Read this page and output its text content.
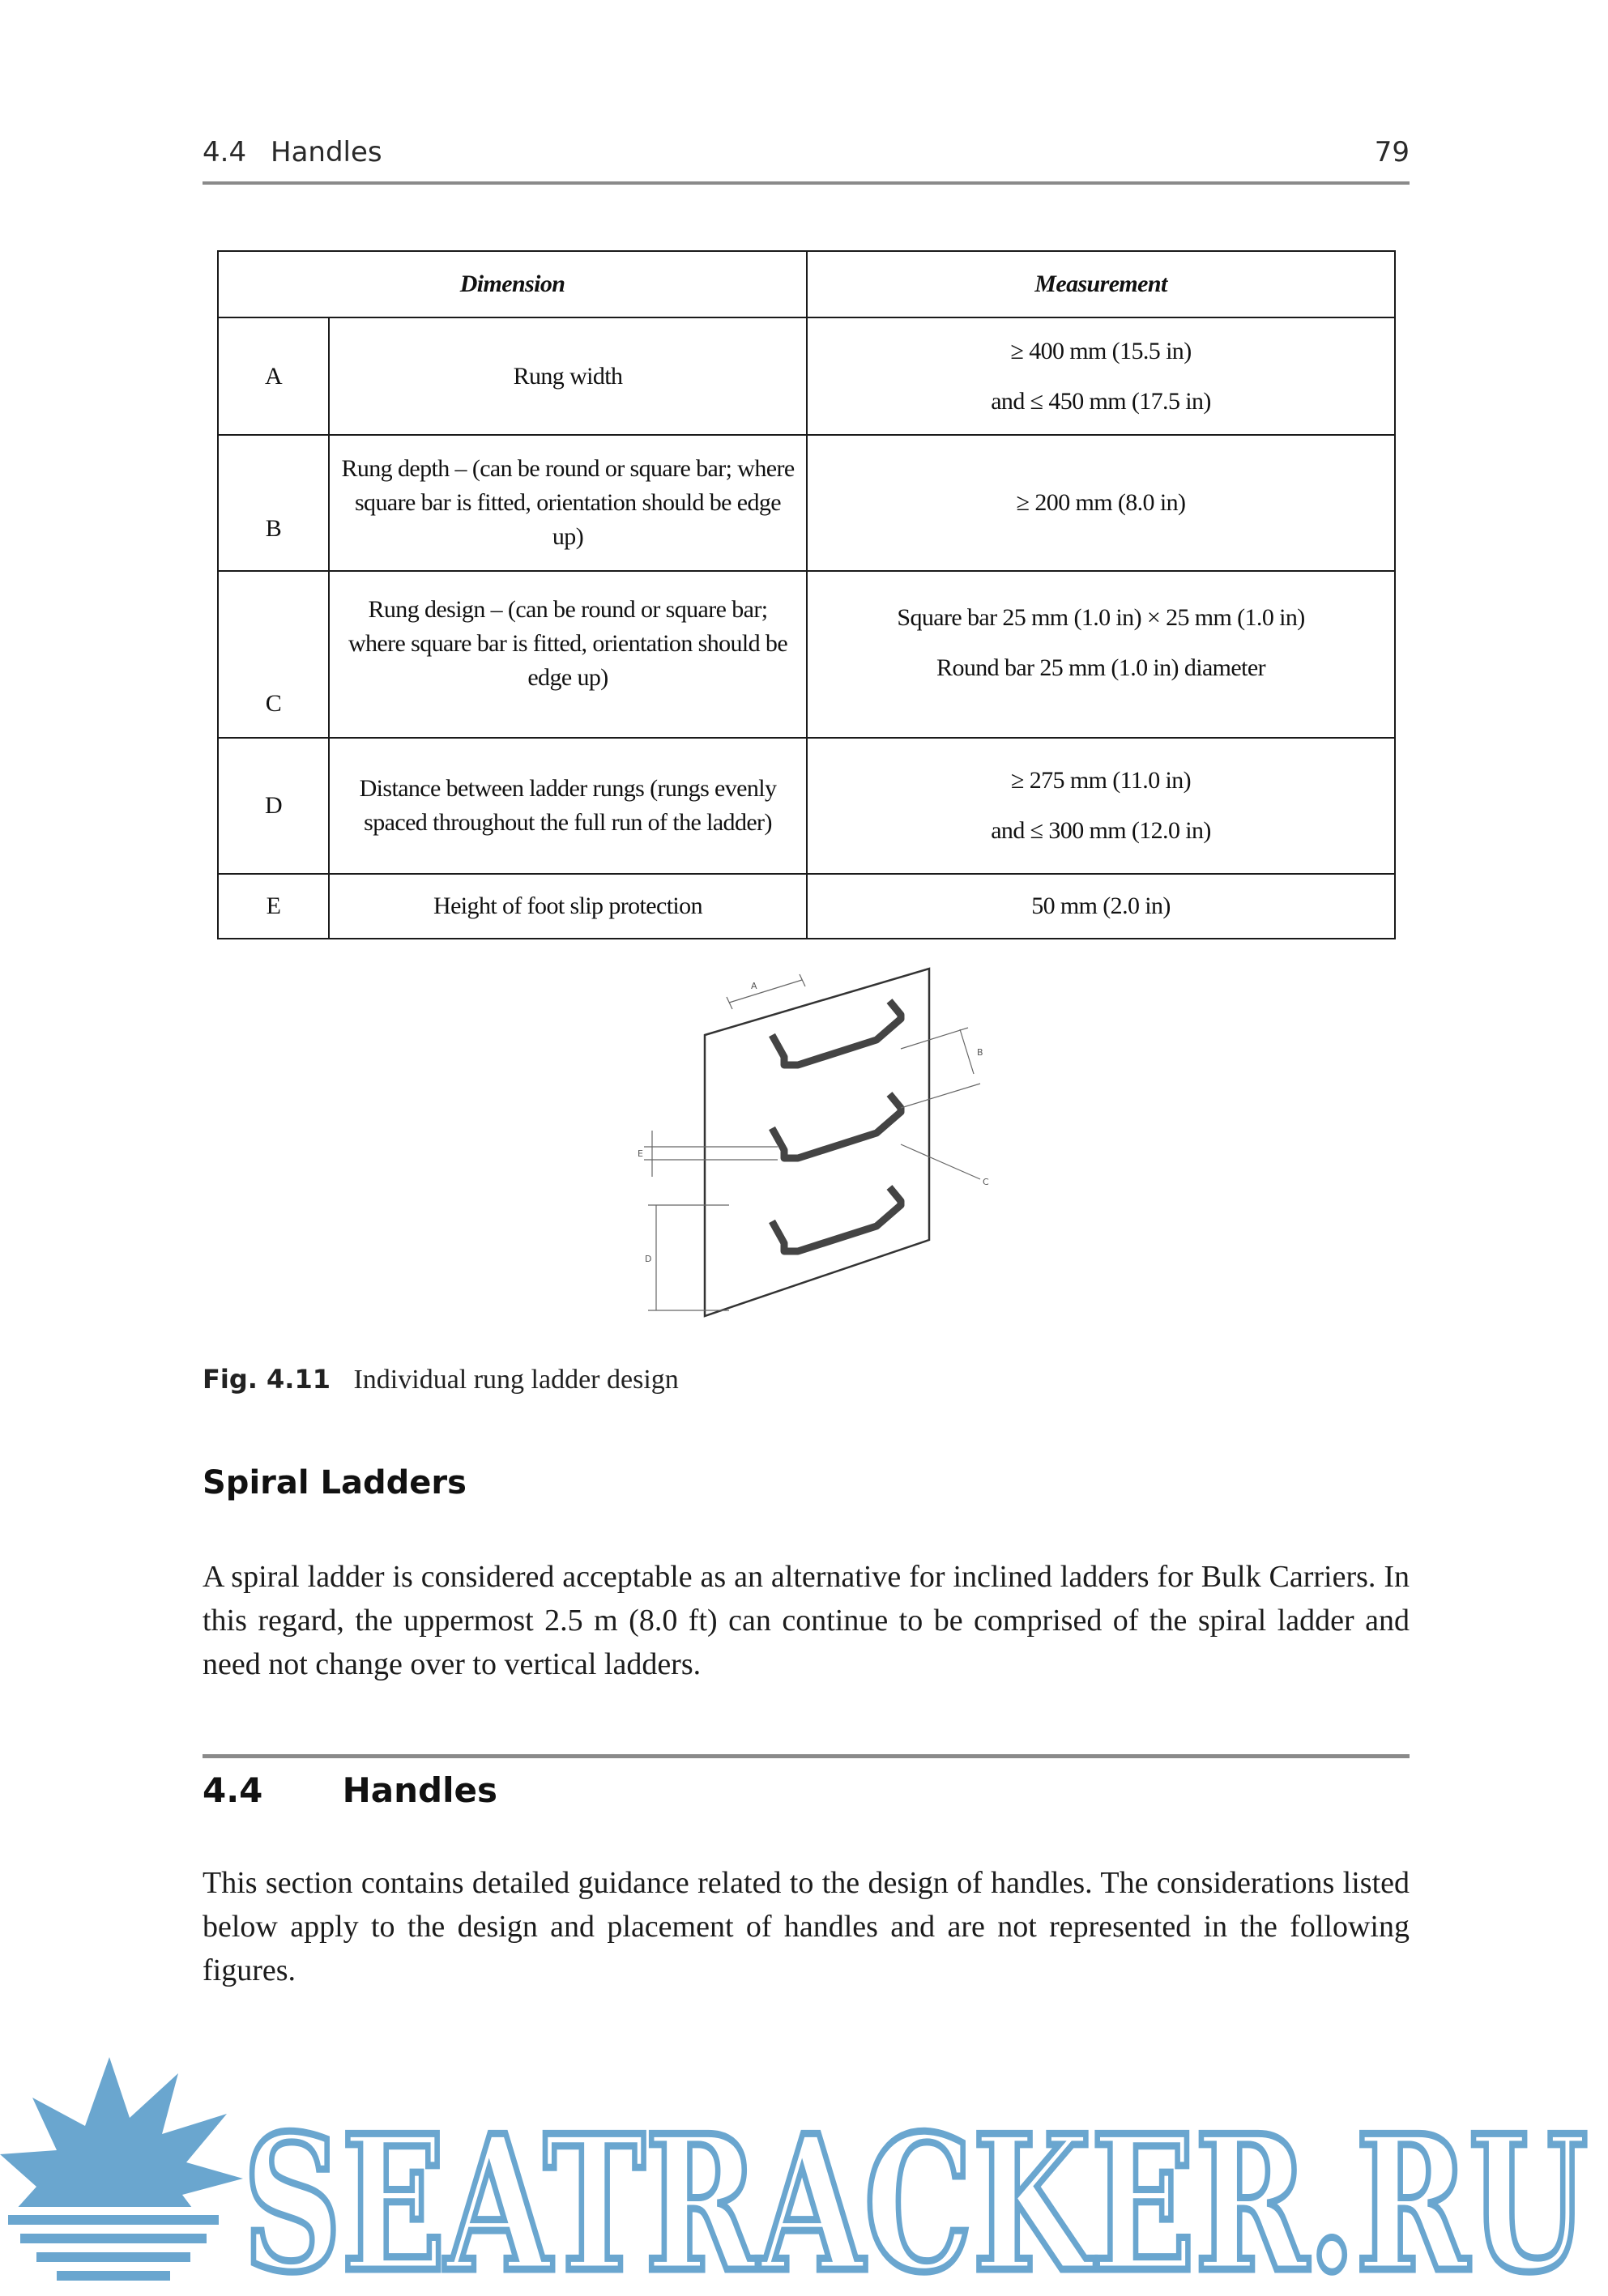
4.4 Handles	79
Dimension		Measurement
A	Rung width	≥ 400 mm (15.5 in)
and ≤ 450 mm (17.5 in)

B	Rung depth – (can be round or square bar; where square bar is fitted, orientation should be edge up)	≥ 200 mm (8.0 in)
C	Rung design – (can be round or square bar; where square bar is fitted, orientation should be edge up)	Square bar 25 mm (1.0 in) × 25 mm (1.0 in)
Round bar 25 mm (1.0 in) diameter

D	Distance between ladder rungs (rungs evenly spaced throughout the full run of the ladder)	≥ 275 mm (11.0 in)
and ≤ 300 mm (12.0 in)

E	Height of foot slip protection	50 mm (2.0 in)
A
B
C
D
E
Fig. 4.11 Individual rung ladder design
Spiral Ladders
A spiral ladder is considered acceptable as an alternative for inclined ladders for Bulk Carriers. In this regard, the uppermost 2.5 m (8.0 ft) can continue to be comprised of the spiral ladder and need not change over to vertical ladders.
4.4 Handles
This section contains detailed guidance related to the design of handles. The considerations listed below apply to the design and placement of handles and are not represented in the following figures.
SEATRACKER.RU
